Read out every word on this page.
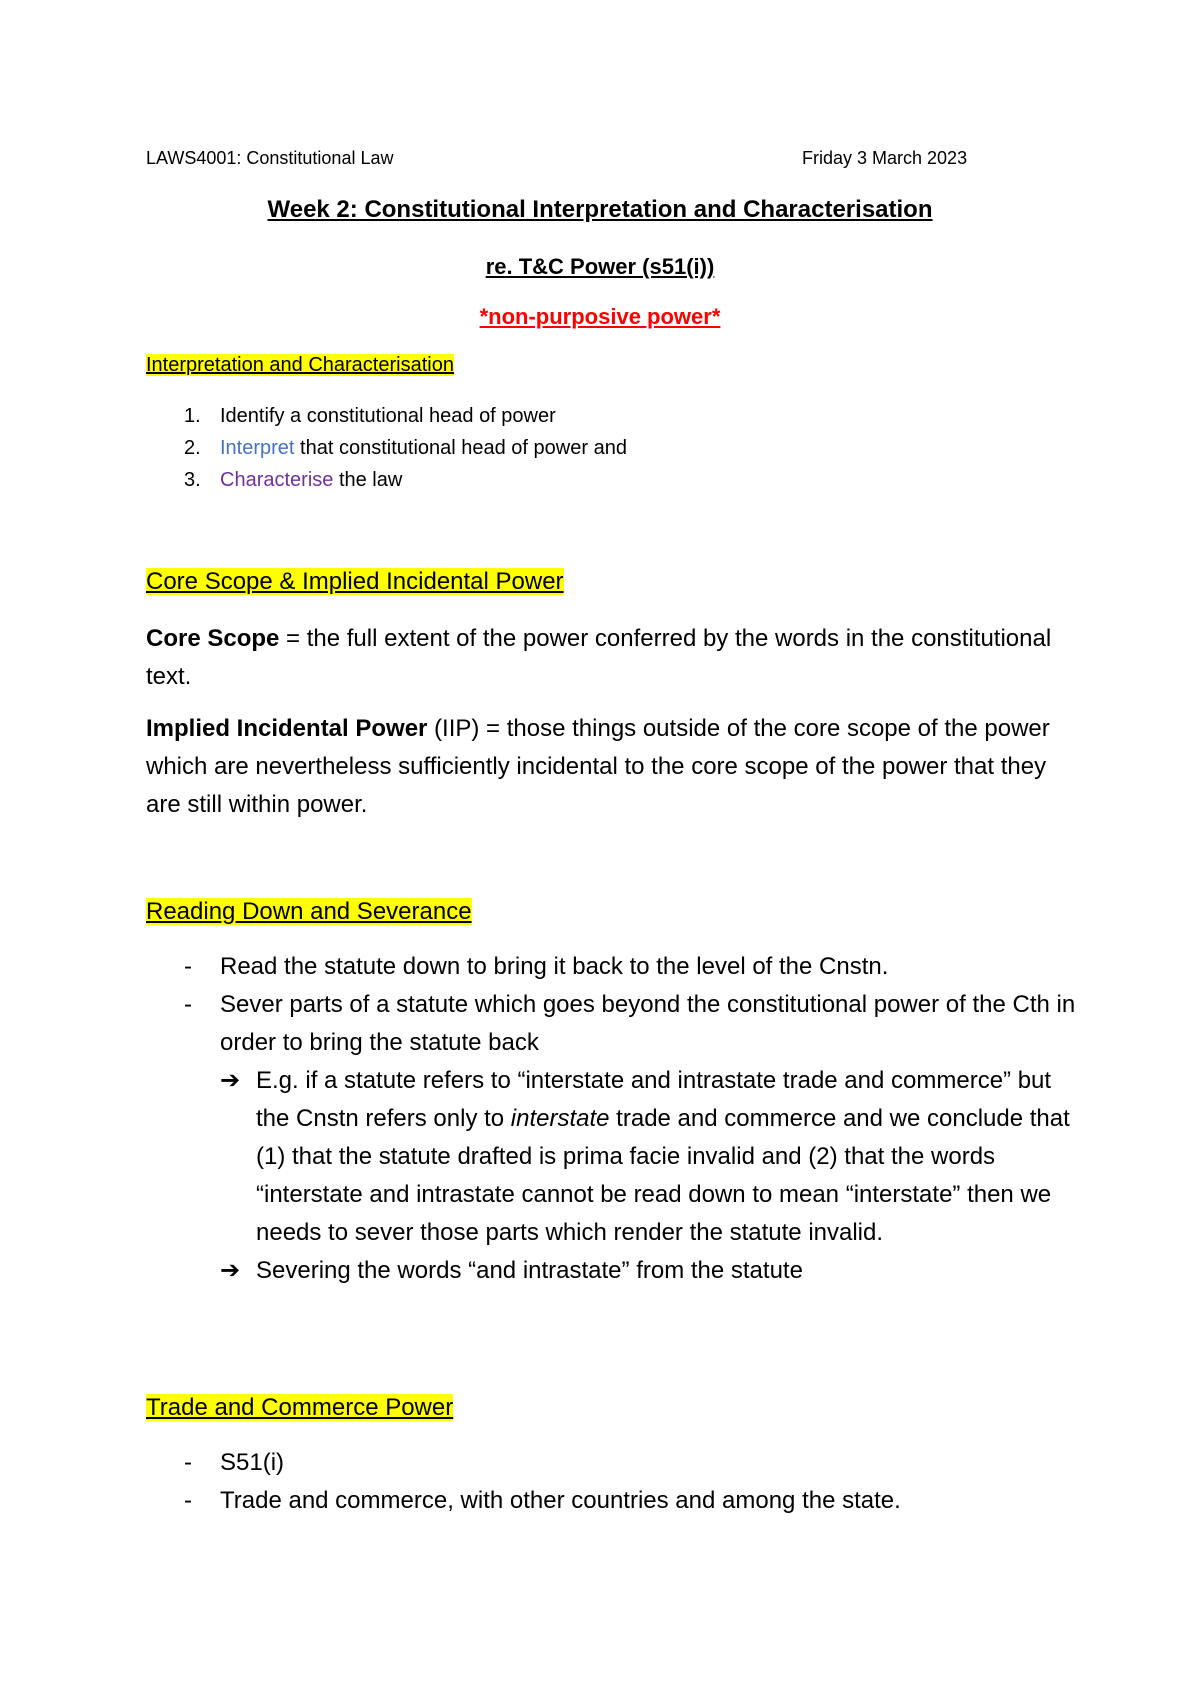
LAWS4001: Constitutional Law	Friday 3 March 2023
Week 2: Constitutional Interpretation and Characterisation
re. T&C Power (s51(i))
*non-purposive power*
Interpretation and Characterisation
1. Identify a constitutional head of power
2. Interpret that constitutional head of power and
3. Characterise the law
Core Scope & Implied Incidental Power

Core Scope = the full extent of the power conferred by the words in the constitutional text.

Implied Incidental Power (IIP) = those things outside of the core scope of the power which are nevertheless sufficiently incidental to the core scope of the power that they are still within power.

Reading Down and Severance
- Read the statute down to bring it back to the level of the Cnstn.
- Sever parts of a statute which goes beyond the constitutional power of the Cth in order to bring the statute back
➔ E.g. if a statute refers to “interstate and intrastate trade and commerce” but the Cnstn refers only to interstate trade and commerce and we conclude that (1) that the statute drafted is prima facie invalid and (2) that the words “interstate and intrastate cannot be read down to mean “interstate” then we needs to sever those parts which render the statute invalid.
➔ Severing the words “and intrastate” from the statute
Trade and Commerce Power
- S51(i)
- Trade and commerce, with other countries and among the state.
